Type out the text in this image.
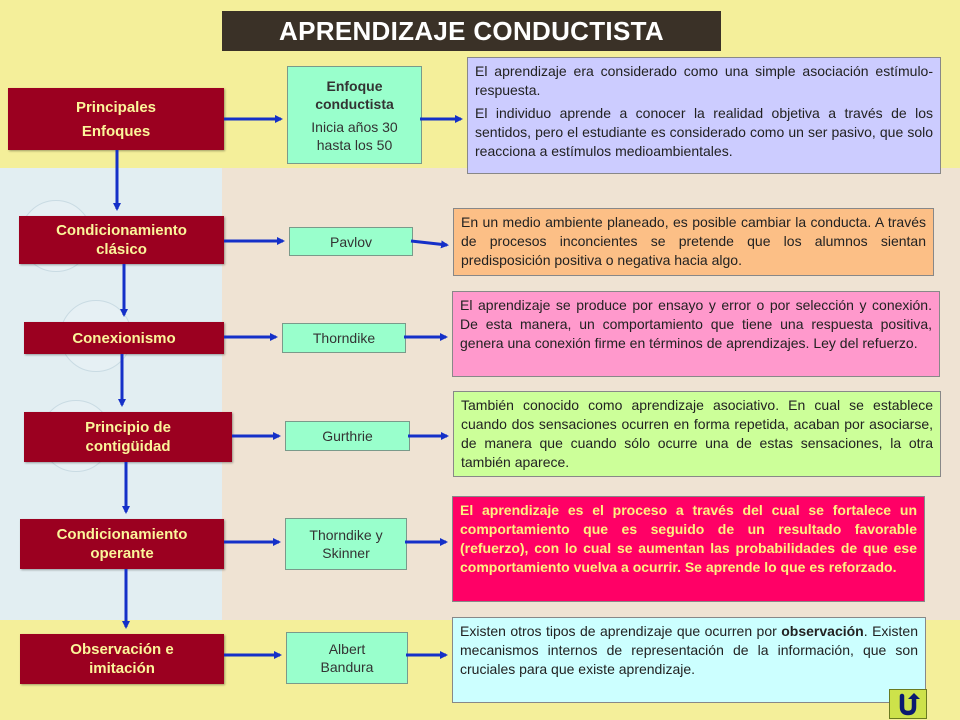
APRENDIZAJE CONDUCTISTA
Principales
Enfoques
Enfoque conductista
Inicia años 30 hasta los 50

El aprendizaje era considerado como una simple asociación estímulo-respuesta.

El individuo aprende a conocer la realidad objetiva a través de los sentidos, pero el estudiante es considerado como un ser pasivo, que solo reacciona a estímulos medioambientales.

Condicionamiento clásico	Pavlov
En un medio ambiente planeado, es posible cambiar la conducta. A través de procesos inconcientes se pretende que los alumnos sientan predisposición positiva o negativa hacia algo.
Conexionismo	Thorndike
El aprendizaje se produce por ensayo y error o por selección y conexión. De esta manera, un comportamiento que tiene una respuesta positiva, genera una conexión firme en términos de aprendizajes. Ley del refuerzo.
Principio de contigüidad
Gurthrie
También conocido como aprendizaje asociativo. En cual se establece cuando dos sensaciones ocurren en forma repetida, acaban por asociarse, de manera que cuando sólo ocurre una de estas sensaciones, la otra también aparece.
Condicionamiento operante
Thorndike y Skinner
El aprendizaje es el proceso a través del cual se fortalece un comportamiento que es seguido de un resultado favorable (refuerzo), con lo cual se aumentan las probabilidades de que ese comportamiento vuelva a ocurrir. Se aprende lo que es reforzado.
Observación e imitación
Albert Bandura
Existen otros tipos de aprendizaje que ocurren por observación. Existen mecanismos internos de representación de la información, que son cruciales para que existe aprendizaje.
